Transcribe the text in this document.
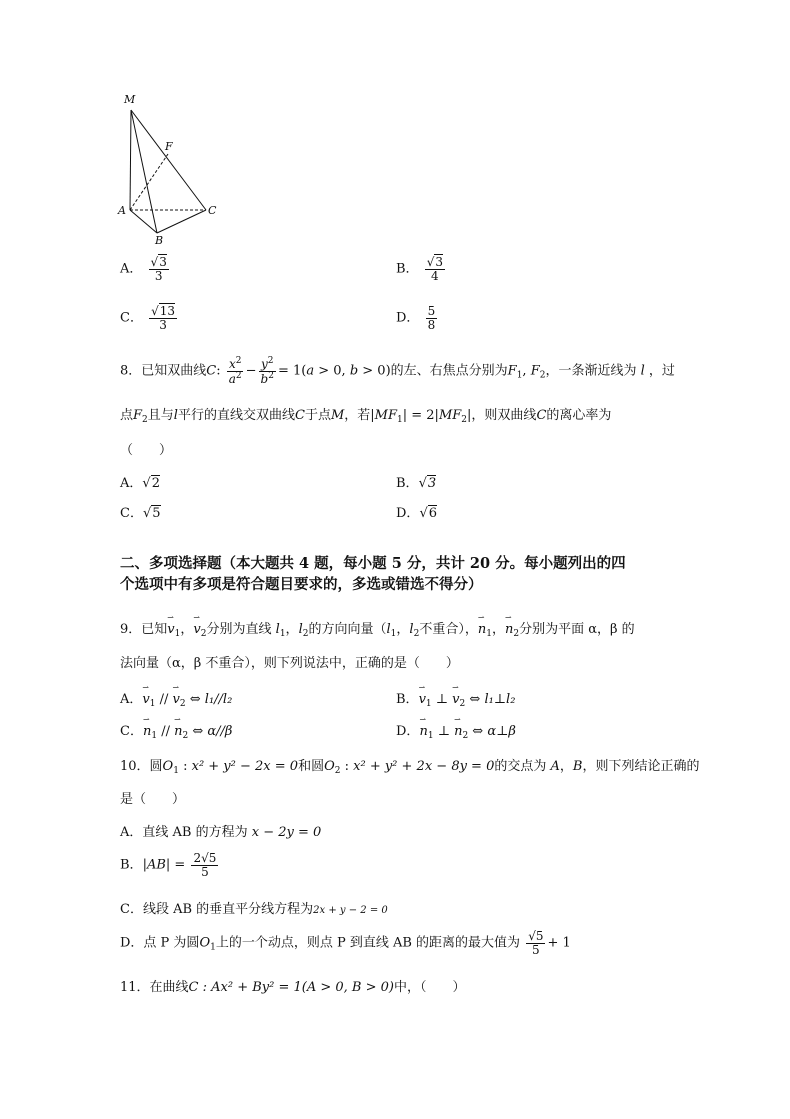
M
F
A	C
B
A． $\frac{√3}{3}$	B． $\frac{√3}{4}$
C． $\frac{√13}{3}$	D． $\frac{5}{8}$
8．已知双曲线C: $\frac{x^2}{a^2} - \frac{y^2}{b^2} = 1(a > 0$, b > 0)的左、右焦点分别为$F_1$, $F_2$，一条渐近线为 l ，过
点$F_2$且与l平行的直线交双曲线C于点M，若$|MF_1| = 2|MF_2|$，则双曲线C的离心率为
（　　）
A．√2	B．√3
C．√5	D．√6
二、多项选择题（本大题共 4 题，每小题 5 分，共计 20 分。每小题列出的四
个选项中有多项是符合题目要求的，多选或错选不得分）
9．已知⇀ $v_1$，⇀ $v_2$分别为直线 $l_1$，$l_2$的方向向量（$l_1$，$l_2$不重合），⇀ $n_1$，⇀ $n_2$分别为平面 α，β 的
法向量（α，β 不重合），则下列说法中，正确的是（　　）
A．⇀ $v_1$ // ⇀ $v_2$ ⇔ l₁//l₂	B．⇀ $v_1$ ⊥ ⇀ $v_2$ ⇔ l₁⊥l₂
C．⇀ $n_1$ // ⇀ $n_2$ ⇔ α//β	D．⇀ $n_1$ ⊥ ⇀ $n_2$ ⇔ α⊥β
10．圆$O_1$ : x² + y² − 2x = 0和圆$O_2$ : x² + y² + 2x − 8y = 0的交点为 A，B，则下列结论正确的
是（　　）
A．直线 AB 的方程为 x − 2y = 0
B．$|AB| = \frac{2√5}{5}$
C．线段 AB 的垂直平分线方程为2x + y − 2 = 0
D．点 P 为圆$O_1$上的一个动点，则点 P 到直线 AB 的距离的最大值为 $\frac{√5}{5} + 1$
11．在曲线C : Ax² + By² = 1(A > 0, B > 0)中，（　　）
